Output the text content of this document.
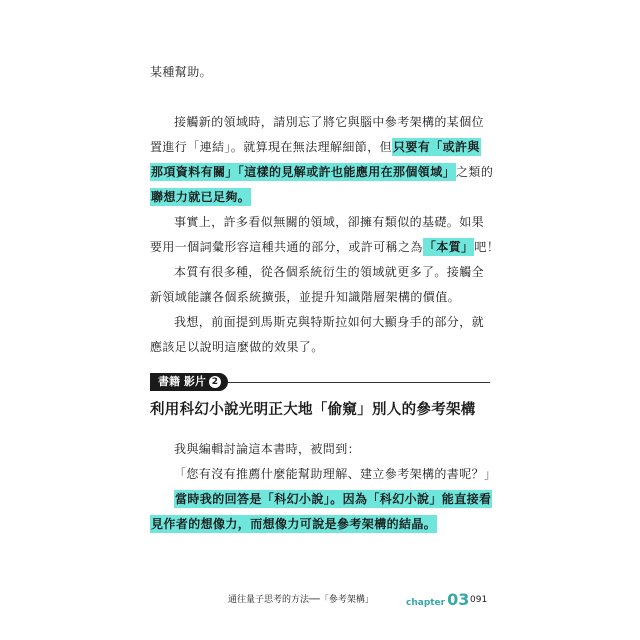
某種幫助。
接觸新的領域時，請別忘了將它與腦中參考架構的某個位
置進行「連結」。就算現在無法理解細節，但只要有「或許與
那項資料有關」「這樣的見解或許也能應用在那個領域」之類的
聯想力就已足夠。
事實上，許多看似無關的領域，卻擁有類似的基礎。如果
要用一個詞彙形容這種共通的部分，或許可稱之為「本質」吧！
本質有很多種，從各個系統衍生的領域就更多了。接觸全
新領域能讓各個系統擴張，並提升知識階層架構的價值。
我想，前面提到馬斯克與特斯拉如何大顯身手的部分，就
應該足以說明這麼做的效果了。
書籍 影片 2
利用科幻小說光明正大地「偷窺」別人的參考架構
我與編輯討論這本書時，被問到：
「您有沒有推薦什麼能幫助理解、建立參考架構的書呢？」
當時我的回答是「科幻小說」。因為「科幻小說」能直接看
見作者的想像力，而想像力可說是參考架構的結晶。
通往量子思考的方法──「參考架構」	chapter 03 091
